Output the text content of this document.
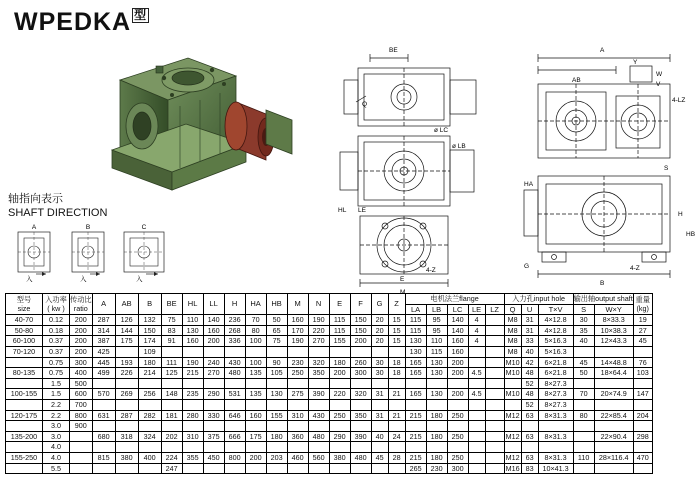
WPEDKA 型
轴指向表示
SHAFT DIRECTION
A
入
B
入
C
入
BE
Q
ø LB
ø LC
HL LE
E
M
4-Z
A
AB
Y
W
V
4-LZ
HA
H
HB
G
B
4-Z
S
型号
size

入功率
( kw )

传动比
ratio
	A	AB	B	BE	HL	LL	H	HA	HB	M	N	E	F	G	Z	电机法兰flange	入力孔input hole	输出轴output shaft	重量
(kg)

																		LA	LB	LC	LE	LZ	Q	U	T×V	S	W×Y	
40-70	0.12	200	287	126	132	75	110	140	236	70	50	160	190	115	150	20	15	115	95	140	4		M8	31	4×12.8	30	8×33.3	19
50-80	0.18	200	314	144	150	83	130	160	268	80	65	170	220	115	150	20	15	115	95	140	4		M8	31	4×12.8	35	10×38.3	27
60-100	0.37	200	387	175	174	91	160	200	336	100	75	190	270	155	200	20	15	130	110	160	4		M8	33	5×16.3	40	12×43.3	45
70-120	0.37	200	425		109													130	115	160			M8	40	5×16.3			
	0.75	300	445	193	180	111	190	240	430	100	90	230	320	180	260	30	18	165	130	200			M10	42	6×21.8	45	14×48.8	76
80-135	0.75	400	499	226	214	125	215	270	480	135	105	250	350	200	300	30	18	165	130	200	4.5		M10	48	6×21.8	50	18×64.4	103
	1.5	500																						52	8×27.3			
100-155	1.5	600	570	269	256	148	235	290	531	135	130	275	390	220	320	31	21	165	130	200	4.5		M10	48	8×27.3	70	20×74.9	147
	2.2	700																						52	8×27.3			
120-175	2.2	800	631	287	282	181	280	330	646	160	155	310	430	250	350	31	21	215	180	250			M12	63	8×31.3	80	22×85.4	204
	3.0	900																										
135-200	3.0		680	318	324	202	310	375	666	175	180	360	480	290	390	40	24	215	180	250			M12	63	8×31.3		22×90.4	298
	4.0																											
155-250	4.0		815	380	400	224	355	450	800	200	203	460	560	380	480	45	28	215	180	250			M12	63	8×31.3	110	28×116.4	470
	5.5					247												265	230	300			M16	83	10×41.3			
